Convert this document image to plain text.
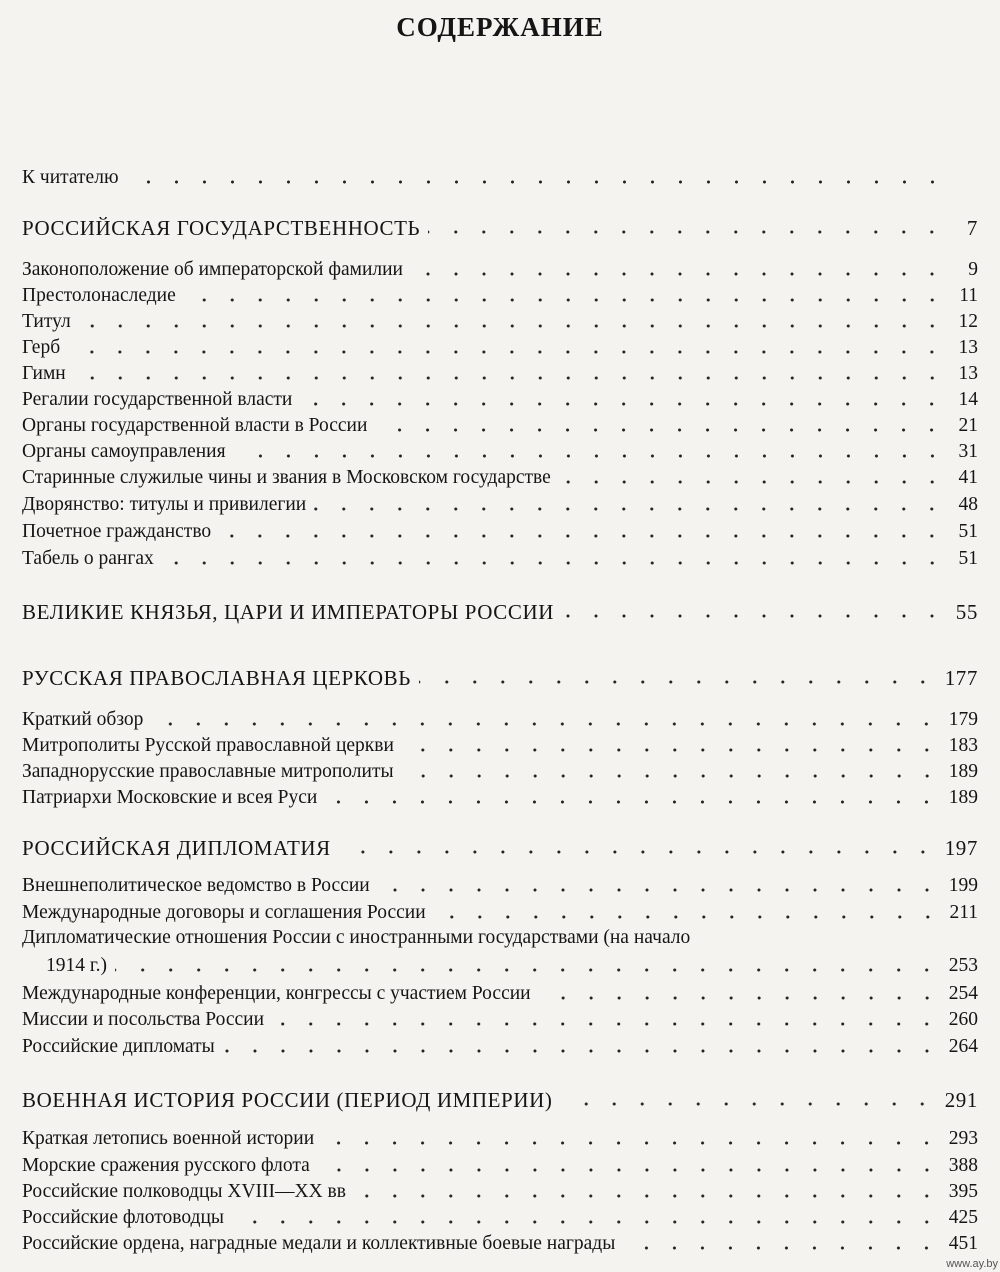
СОДЕРЖАНИЕ
К читателю
РОССИЙСКАЯ ГОСУДАРСТВЕННОСТЬ	7
Законоположение об императорской фамилии	9
Престолонаследие	11
Титул	12
Герб	13
Гимн	13
Регалии государственной власти	14
Органы государственной власти в России	21
Органы самоуправления	31
Старинные служилые чины и звания в Московском государстве	41
Дворянство: титулы и привилегии	48
Почетное гражданство	51
Табель о рангах	51
ВЕЛИКИЕ КНЯЗЬЯ, ЦАРИ И ИМПЕРАТОРЫ РОССИИ	55
РУССКАЯ ПРАВОСЛАВНАЯ ЦЕРКОВЬ	177
Краткий обзор	179
Митрополиты Русской православной церкви	183
Западнорусские православные митрополиты	189
Патриархи Московские и всея Руси	189
РОССИЙСКАЯ ДИПЛОМАТИЯ	197
Внешнеполитическое ведомство в России	199
Международные договоры и соглашения России	211
Дипломатические отношения России с иностранными государствами (на начало
1914 г.)	253
Международные конференции, конгрессы с участием России	254
Миссии и посольства России	260
Российские дипломаты	264
ВОЕННАЯ ИСТОРИЯ РОССИИ (ПЕРИОД ИМПЕРИИ)	291
Краткая летопись военной истории	293
Морские сражения русского флота	388
Российские полководцы XVIII—XX вв	395
Российские флотоводцы	425
Российские ордена, наградные медали и коллективные боевые награды	451
www.ay.by
